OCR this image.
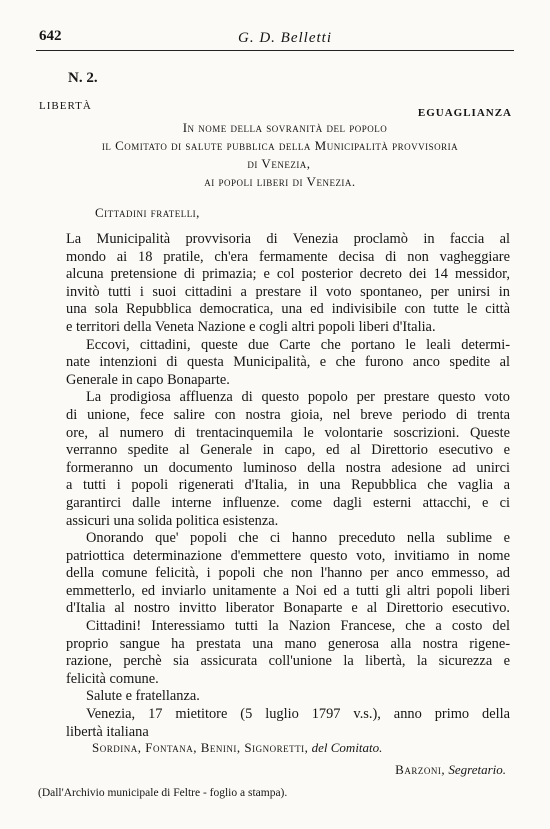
642	G. D. Belletti
N. 2.
LIBERTÀ
EGUAGLIANZA
In nome della sovranità del popolo
il Comitato di salute pubblica della Municipalità provvisoria
di Venezia,
ai popoli liberi di Venezia.
Cittadini fratelli,
La Municipalità provvisoria di Venezia proclamò in faccia al
mondo ai 18 pratile, ch'era fermamente decisa di non vagheggiare
alcuna pretensione di primazia; e col posterior decreto dei 14 messidor,
invitò tutti i suoi cittadini a prestare il voto spontaneo, per unirsi in
una sola Repubblica democratica, una ed indivisibile con tutte le città
e territori della Veneta Nazione e cogli altri popoli liberi d'Italia.
Eccovi, cittadini, queste due Carte che portano le leali determi-
nate intenzioni di questa Municipalità, e che furono anco spedite al
Generale in capo Bonaparte.
La prodigiosa affluenza di questo popolo per prestare questo voto
di unione, fece salire con nostra gioia, nel breve periodo di trenta
ore, al numero di trentacinquemila le volontarie soscrizioni. Queste
verranno spedite al Generale in capo, ed al Direttorio esecutivo e
formeranno un documento luminoso della nostra adesione ad unirci
a tutti i popoli rigenerati d'Italia, in una Repubblica che vaglia a
garantirci dalle interne influenze. come dagli esterni attacchi, e ci
assicuri una solida politica esistenza.
Onorando que' popoli che ci hanno preceduto nella sublime e
patriottica determinazione d'emmettere questo voto, invitiamo in nome
della comune felicità, i popoli che non l'hanno per anco emmesso, ad
emmetterlo, ed inviarlo unitamente a Noi ed a tutti gli altri popoli liberi
d'Italia al nostro invitto liberator Bonaparte e al Direttorio esecutivo.
Cittadini! Interessiamo tutti la Nazion Francese, che a costo del
proprio sangue ha prestata una mano generosa alla nostra rigene-
razione, perchè sia assicurata coll'unione la libertà, la sicurezza e
felicità comune.
Salute e fratellanza.
Venezia, 17 mietitore (5 luglio 1797 v.s.), anno primo della
libertà italiana
Sordina, Fontana, Benini, Signoretti, del Comitato.
Barzoni, Segretario.
(Dall'Archivio municipale di Feltre - foglio a stampa).
